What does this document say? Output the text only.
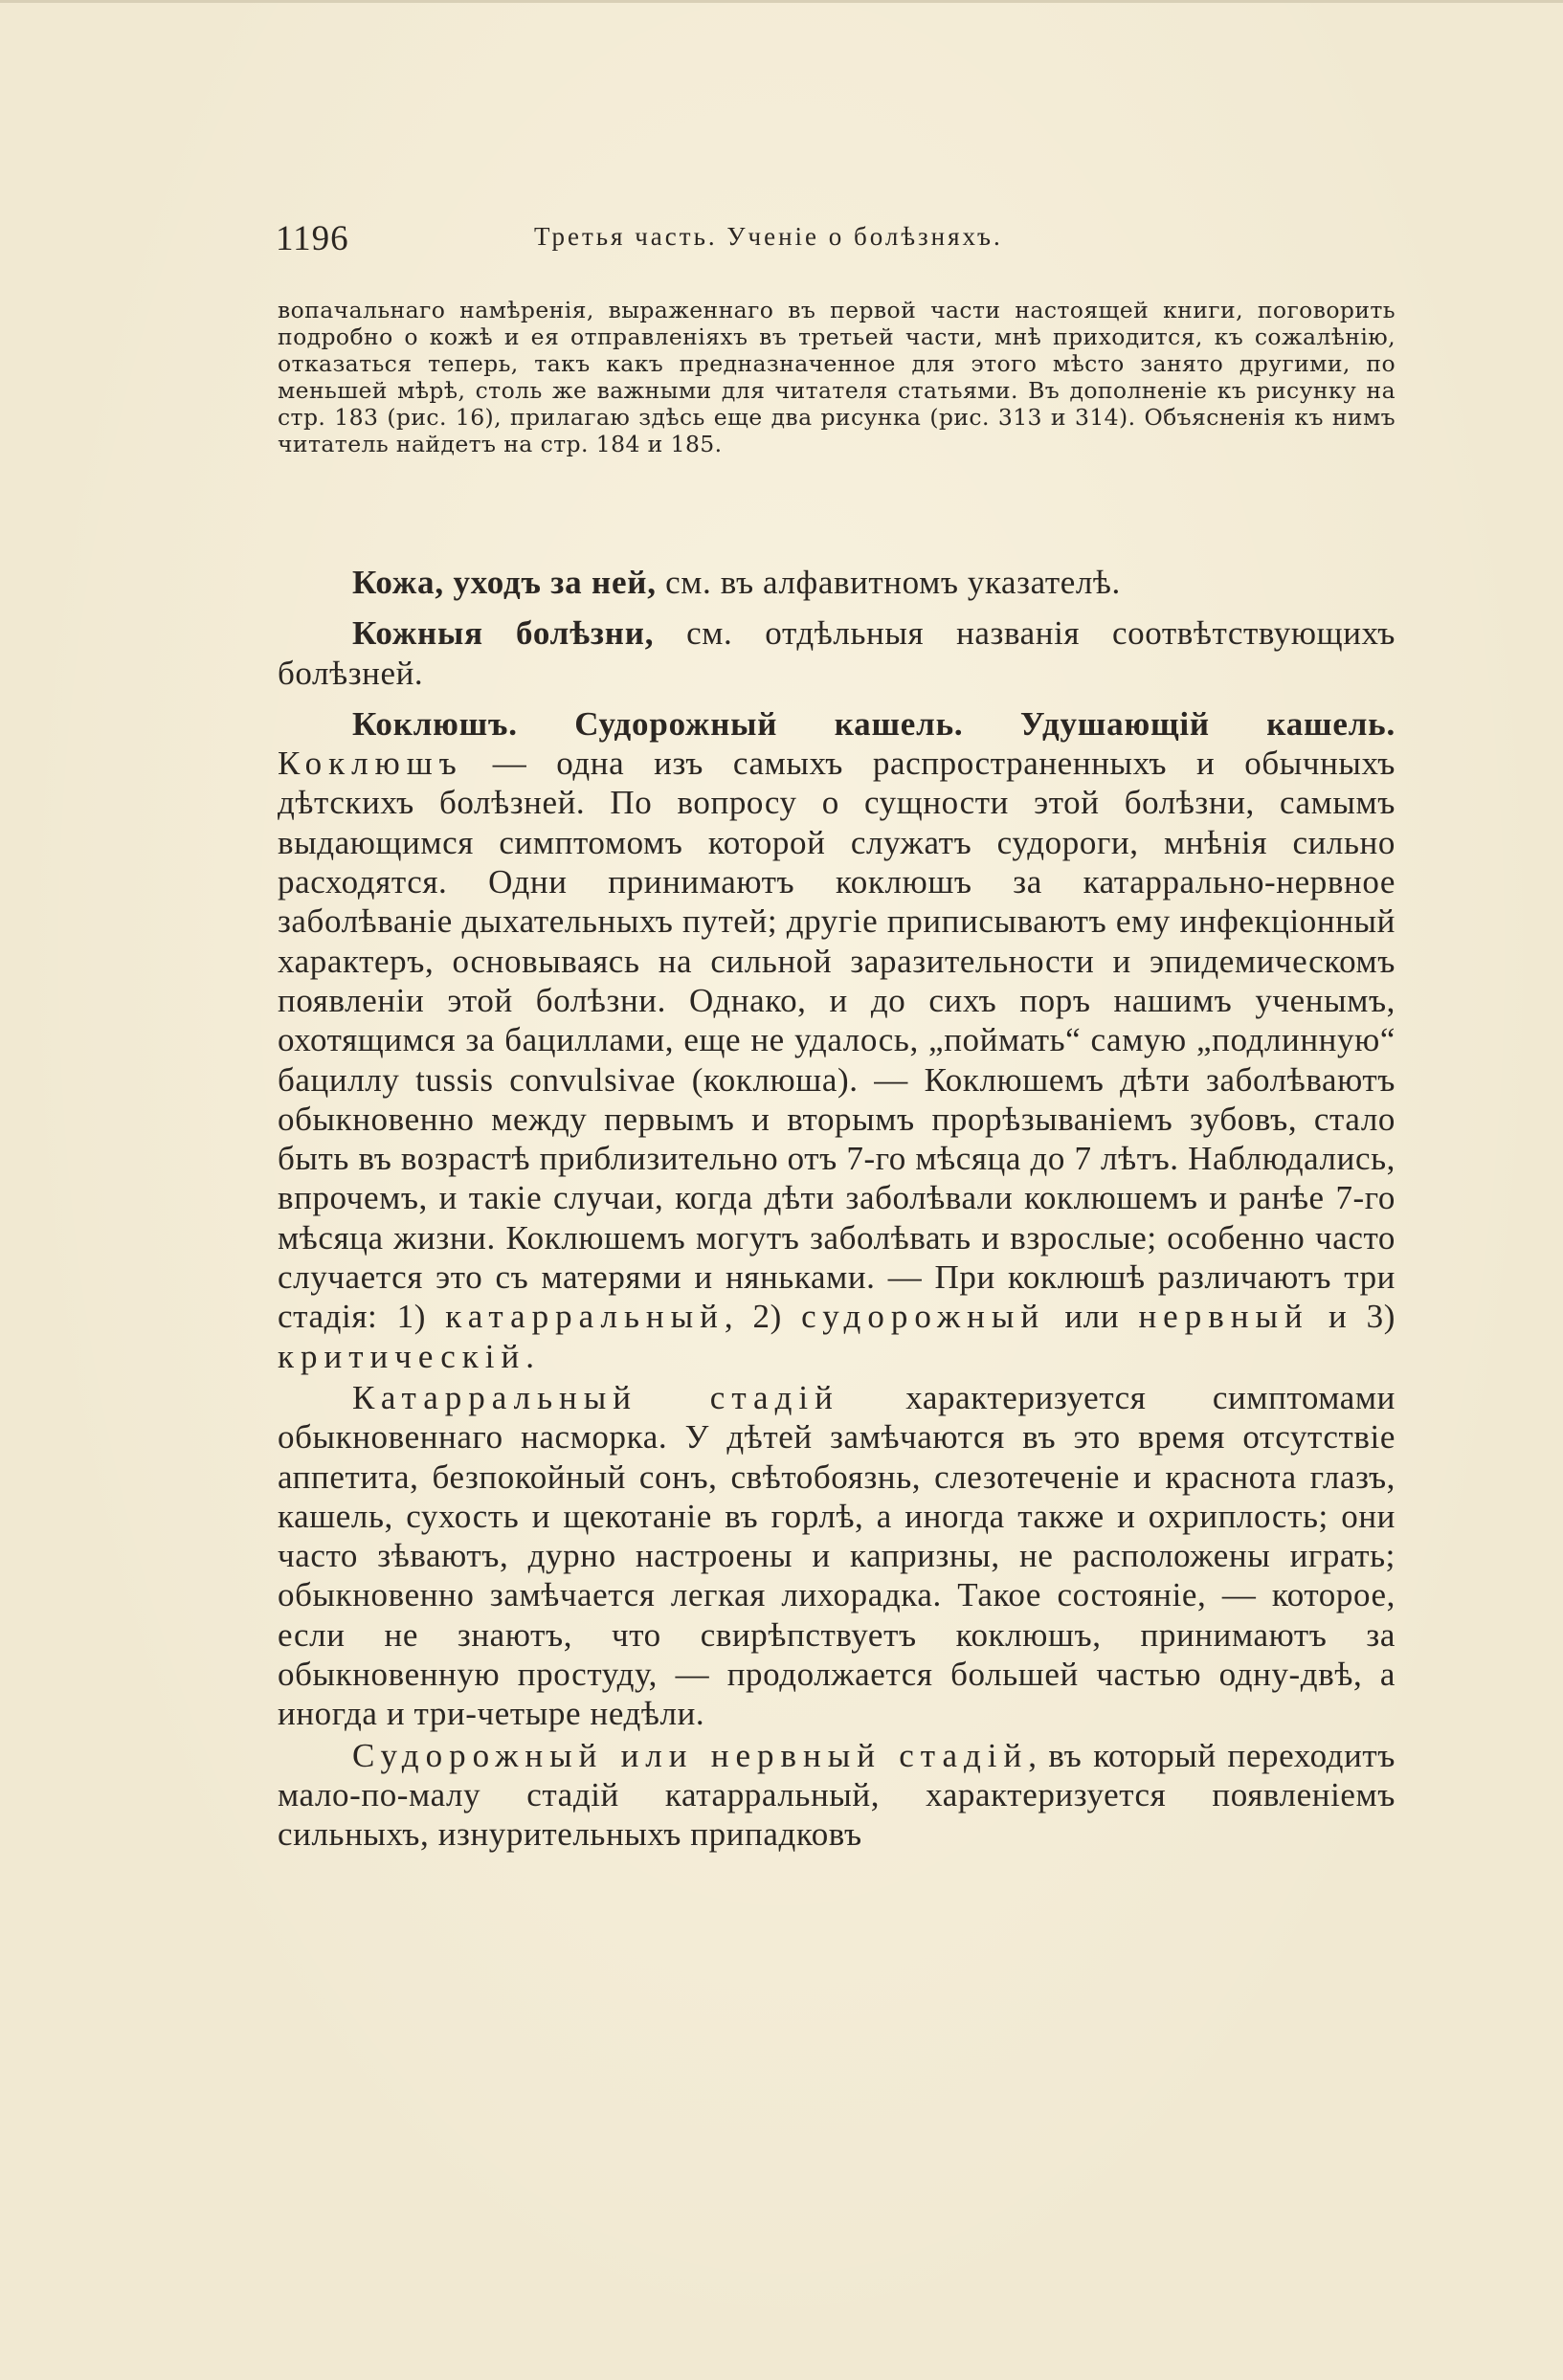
1196	Третья часть. Ученіе о болѣзняхъ.

вопачальнаго намѣренія, выраженнаго въ первой части настоящей книги, поговорить подробно о кожѣ и ея отправленіяхъ въ третьей части, мнѣ приходится, къ сожалѣнію, отказаться теперь, такъ какъ предназначенное для этого мѣсто занято другими, по меньшей мѣрѣ, столь же важными для читателя статьями. Въ дополненіе къ рисунку на стр. 183 (рис. 16), прилагаю здѣсь еще два рисунка (рис. 313 и 314). Объясненія къ нимъ читатель найдетъ на стр. 184 и 185.

Кожа, уходъ за ней, см. въ алфавитномъ указателѣ.

Кожныя болѣзни, см. отдѣльныя названія соотвѣтствующихъ болѣзней.

Коклюшъ. Судорожный кашель. Удушающій кашель. Коклюшъ — одна изъ самыхъ распространенныхъ и обычныхъ дѣтскихъ болѣзней. По вопросу о сущности этой болѣзни, самымъ выдающимся симптомомъ которой служатъ судороги, мнѣнія сильно расходятся. Одни принимаютъ коклюшъ за катаррально-нервное заболѣваніе дыхательныхъ путей; другіе приписываютъ ему инфекціонный характеръ, основываясь на сильной заразительности и эпидемическомъ появленіи этой болѣзни. Однако, и до сихъ поръ нашимъ ученымъ, охотящимся за бациллами, еще не удалось, „поймать“ самую „подлинную“ бациллу tussis convulsivae (коклюша). — Коклюшемъ дѣти заболѣваютъ обыкновенно между первымъ и вторымъ прорѣзываніемъ зубовъ, стало быть въ возрастѣ приблизительно отъ 7-го мѣсяца до 7 лѣтъ. Наблюдались, впрочемъ, и такіе случаи, когда дѣти заболѣвали коклюшемъ и ранѣе 7-го мѣсяца жизни. Коклюшемъ могутъ заболѣвать и взрослые; особенно часто случается это съ матерями и няньками. — При коклюшѣ различаютъ три стадія: 1) катарральный, 2) судорожный или нервный и 3) критическій.

Катарральный стадій характеризуется симптомами обыкновеннаго насморка. У дѣтей замѣчаются въ это время отсутствіе аппетита, безпокойный сонъ, свѣтобоязнь, слезотеченіе и краснота глазъ, кашель, сухость и щекотаніе въ горлѣ, а иногда также и охриплость; они часто зѣваютъ, дурно настроены и капризны, не расположены играть; обыкновенно замѣчается легкая лихорадка. Такое состояніе, — которое, если не знаютъ, что свирѣпствуетъ коклюшъ, принимаютъ за обыкновенную простуду, — продолжается большей частью одну-двѣ, а иногда и три-четыре недѣли.

Судорожный или нервный стадій, въ который переходитъ мало-по-малу стадій катарральный, характеризуется появленіемъ сильныхъ, изнурительныхъ припадковъ
